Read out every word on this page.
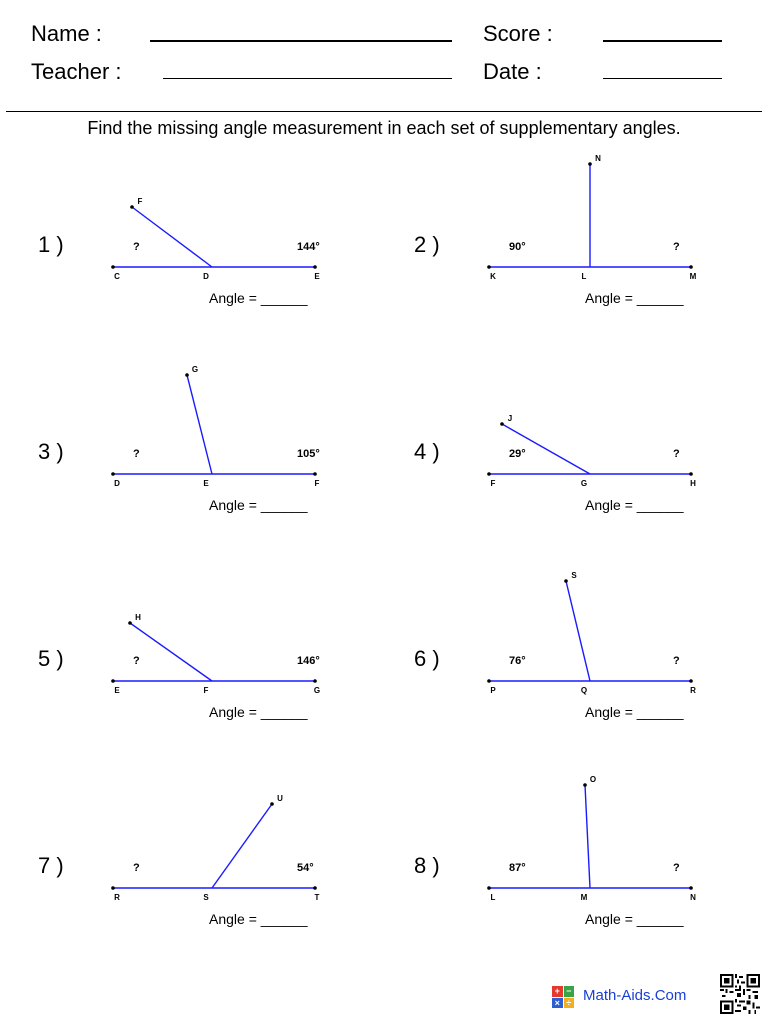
Name :
Teacher :
Score :
Date :
Find the missing angle measurement in each set of supplementary angles.
1 )
C	D	E
F
?	144°
Angle = ______
2 )
K	L	M
N
90°	?
Angle = ______
3 )
D	E	F
G
?	105°
Angle = ______
4 )
F	G	H
J
29°	?
Angle = ______
5 )
E	F	G
H
?	146°
Angle = ______
6 )
P	Q	R
S
76°	?
Angle = ______
7 )
R	S	T
U
?	54°
Angle = ______
8 )
L	M	N
O
87°	?
Angle = ______
+ −
× ÷ Math-Aids.Com
